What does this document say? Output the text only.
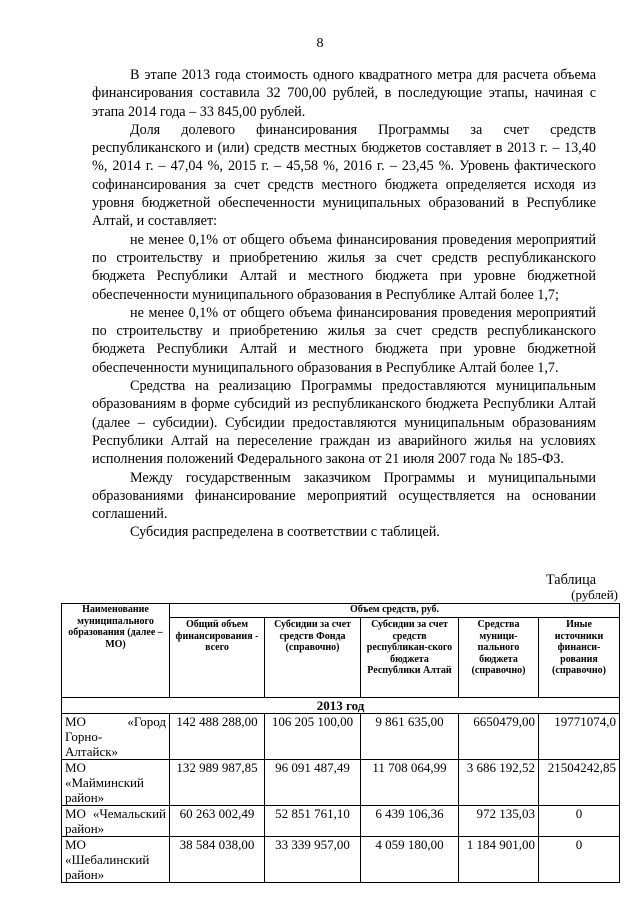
8

В этапе 2013 года стоимость одного квадратного метра для расчета объема финансирования составила 32 700,00 рублей, в последующие этапы, начиная с этапа 2014 года – 33 845,00 рублей.

Доля долевого финансирования Программы за счет средств республиканского и (или) средств местных бюджетов составляет в 2013 г. – 13,40 %, 2014 г. – 47,04 %, 2015 г. – 45,58 %, 2016 г. – 23,45 %. Уровень фактического софинансирования за счет средств местного бюджета определяется исходя из уровня бюджетной обеспеченности муниципальных образований в Республике Алтай, и составляет:

не менее 0,1% от общего объема финансирования проведения мероприятий по строительству и приобретению жилья за счет средств республиканского бюджета Республики Алтай и местного бюджета при уровне бюджетной обеспеченности муниципального образования в Республике Алтай более 1,7;

не менее 0,1% от общего объема финансирования проведения мероприятий по строительству и приобретению жилья за счет средств республиканского бюджета Республики Алтай и местного бюджета при уровне бюджетной обеспеченности муниципального образования в Республике Алтай более 1,7.

Средства на реализацию Программы предоставляются муниципальным образованиям в форме субсидий из республиканского бюджета Республики Алтай (далее – субсидии). Субсидии предоставляются муниципальным образованиям Республики Алтай на переселение граждан из аварийного жилья на условиях исполнения положений Федерального закона от 21 июля 2007 года № 185-ФЗ.

Между государственным заказчиком Программы и муниципальными образованиями финансирование мероприятий осуществляется на основании соглашений.

Субсидия распределена в соответствии с таблицей.

Таблица
(рублей)
Наименование муниципального образования (далее – МО)	Объем средств, руб.				
	Общий объем финансирования - всего	Субсидии за счет средств Фонда (справочно)	Субсидии за счет средств республикан-ского бюджета Республики Алтай	Средства муници-пального бюджета (справочно)	Иные источники финанси-рования (справочно)
2013 год					

МО «Город Горно-
Алтайск»	142 488 288,00	106 205 100,00	9 861 635,00	6650479,00	19771074,0

МО «Майминский
район»	132 989 987,85	96 091 487,49	11 708 064,99	3 686 192,52	21504242,85

МО «Чемальский
район»	60 263 002,49	52 851 761,10	6 439 106,36	972 135,03	0

МО «Шебалинский
район»	38 584 038,00	33 339 957,00	4 059 180,00	1 184 901,00	0
